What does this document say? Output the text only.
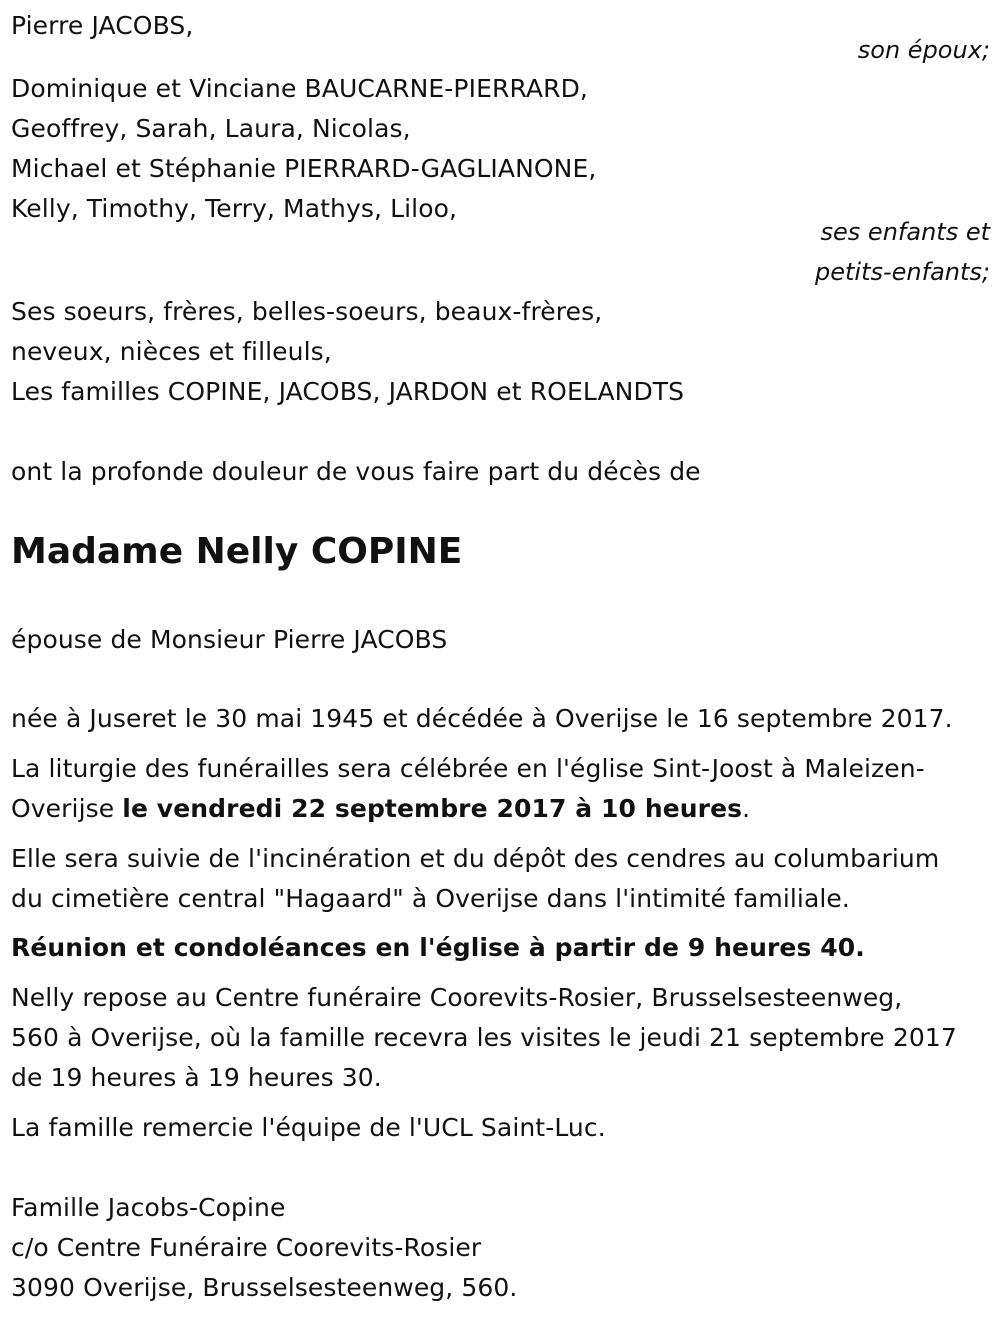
Pierre JACOBS,
son époux;
Dominique et Vinciane BAUCARNE-PIERRARD,
Geoffrey, Sarah, Laura, Nicolas,
Michael et Stéphanie PIERRARD-GAGLIANONE,
Kelly, Timothy, Terry, Mathys, Liloo,
ses enfants et
petits-enfants;
Ses soeurs, frères, belles-soeurs, beaux-frères,
neveux, nièces et filleuls,
Les familles COPINE, JACOBS, JARDON et ROELANDTS
ont la profonde douleur de vous faire part du décès de
Madame Nelly COPINE
épouse de Monsieur Pierre JACOBS
née à Juseret le 30 mai 1945 et décédée à Overijse le 16 septembre 2017.
La liturgie des funérailles sera célébrée en l'église Sint-Joost à Maleizen-
Overijse le vendredi 22 septembre 2017 à 10 heures.
Elle sera suivie de l'incinération et du dépôt des cendres au columbarium
du cimetière central "Hagaard" à Overijse dans l'intimité familiale.
Réunion et condoléances en l'église à partir de 9 heures 40.
Nelly repose au Centre funéraire Coorevits-Rosier, Brusselsesteenweg,
560 à Overijse, où la famille recevra les visites le jeudi 21 septembre 2017
de 19 heures à 19 heures 30.
La famille remercie l'équipe de l'UCL Saint-Luc.
Famille Jacobs-Copine
c/o Centre Funéraire Coorevits-Rosier
3090 Overijse, Brusselsesteenweg, 560.
